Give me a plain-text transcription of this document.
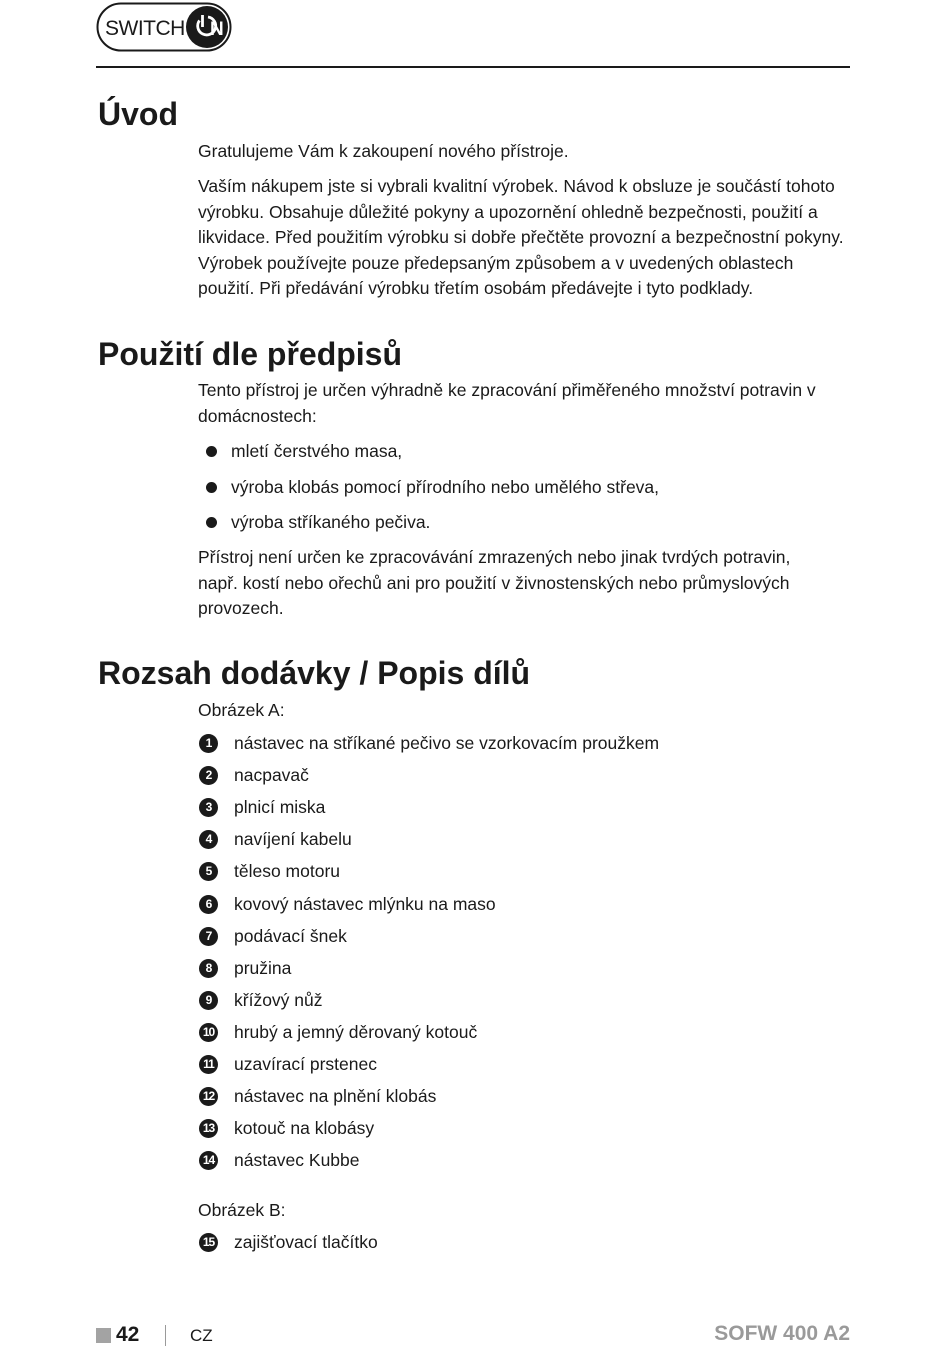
SWITCH N
Úvod
Gratulujeme Vám k zakoupení nového přístroje.
Vaším nákupem jste si vybrali kvalitní výrobek. Návod k obsluze je součástí tohoto
výrobku. Obsahuje důležité pokyny a upozornění ohledně bezpečnosti, použití a
likvidace. Před použitím výrobku si dobře přečtěte provozní a bezpečnostní pokyny.
Výrobek používejte pouze předepsaným způsobem a v uvedených oblastech
použití. Při předávání výrobku třetím osobám předávejte i tyto podklady.
Použití dle předpisů
Tento přístroj je určen výhradně ke zpracování přiměřeného množství potravin v
domácnostech:
mletí čerstvého masa,
výroba klobás pomocí přírodního nebo umělého střeva,
výroba stříkaného pečiva.
Přístroj není určen ke zpracovávání zmrazených nebo jinak tvrdých potravin,
např. kostí nebo ořechů ani pro použití v živnostenských nebo průmyslových
provozech.
Rozsah dodávky / Popis dílů
Obrázek A:
1	nástavec na stříkané pečivo se vzorkovacím proužkem
2	nacpavač
3	plnicí miska
4	navíjení kabelu
5	těleso motoru
6	kovový nástavec mlýnku na maso
7	podávací šnek
8	pružina
9	křížový nůž
10 hrubý a jemný děrovaný kotouč
11 uzavírací prstenec
12 nástavec na plnění klobás
13 kotouč na klobásy
14 nástavec Kubbe
Obrázek B:
15 zajišťovací tlačítko
42	CZ	SOFW 400 A2
